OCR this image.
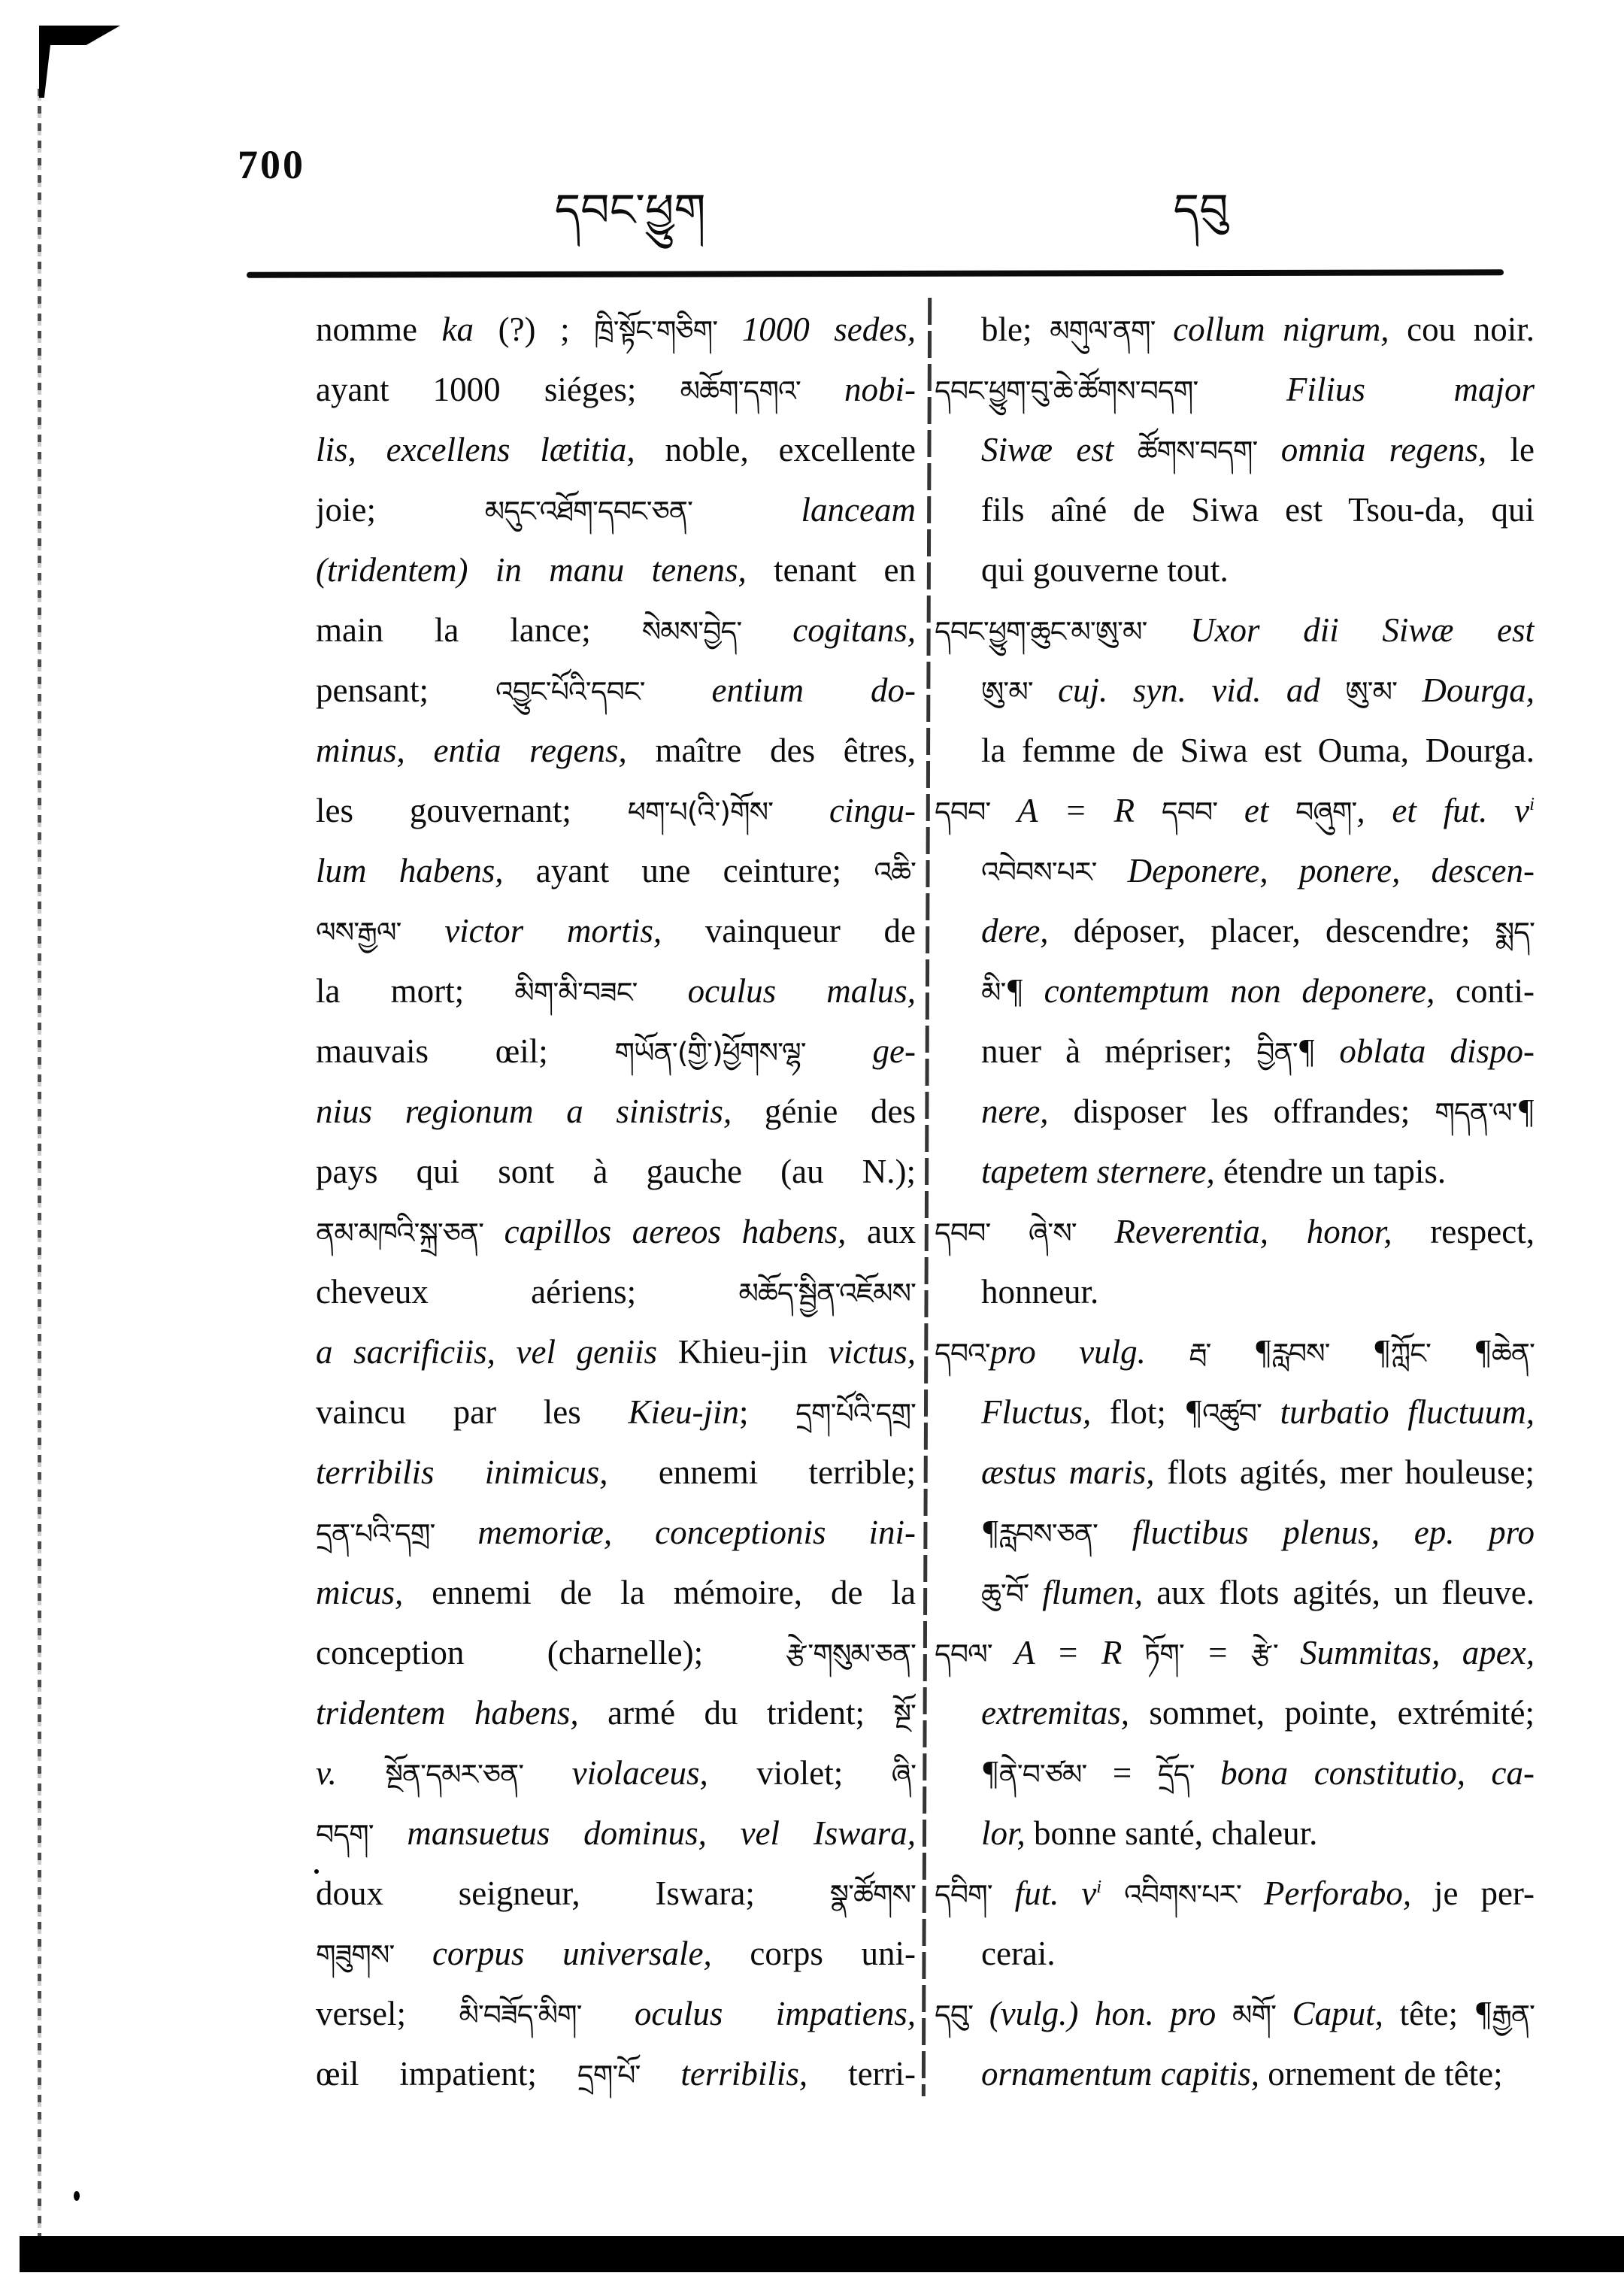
700
དབང་ཕྱུག	དབུ
nomme ka (?) ; ཁྲི་སྟོང་གཅིག་ 1000 sedes,
ayant 1000 siéges; མཆོག་དགའ་ nobi-
lis, excellens lætitia, noble, excellente
joie; མདུང་འཐོག་དབང་ཅན་ lanceam
(tridentem) in manu tenens, tenant en
main la lance; སེམས་བྱེད་ cogitans,
pensant; འབྱུང་པོའི་དབང་ entium do-
minus, entia regens, maître des êtres,
les gouvernant; ཕག་པ(འི་)གོས་ cingu-
lum habens, ayant une ceinture; འཆི་
ལས་རྒྱལ་ victor mortis, vainqueur de
la mort; མིག་མི་བཟང་ oculus malus,
mauvais œil; གཡོན་(གྱི་)ཕྱོགས་ལྷ་ ge-
nius regionum a sinistris, génie des
pays qui sont à gauche (au N.);
ནམ་མཁའི་སྐྲ་ཅན་ capillos aereos habens, aux
cheveux aériens; མཆོད་སྦྱིན་འཇོམས་
a sacrificiis, vel geniis Khieu-jin victus,
vaincu par les Kieu-jin; དྲག་པོའི་དགྲ་
terribilis inimicus, ennemi terrible;
དྲན་པའི་དགྲ་ memoriæ, conceptionis ini-
micus, ennemi de la mémoire, de la
conception (charnelle); རྩེ་གསུམ་ཅན་
tridentem habens, armé du trident; སྔོ་
v. སྔོན་དམར་ཅན་ violaceus, violet; ཞི་
བདག་ mansuetus dominus, vel Iswara,
doux seigneur, Iswara; སྣ་ཚོགས་
གཟུགས་ corpus universale, corps uni-
versel; མི་བཟོད་མིག་ oculus impatiens,
œil impatient; དྲག་པོ་ terribilis, terri-
ble; མགུལ་ནག་ collum nigrum, cou noir.
དབང་ཕྱུག་བུ་ཆེ་ཚོགས་བདག་ Filius major
Siwæ est ཚོགས་བདག་ omnia regens, le
fils aîné de Siwa est Tsou-da, qui
qui gouverne tout.
དབང་ཕྱུག་ཆུང་མ་ཨུ་མ་ Uxor dii Siwæ est
ཨུ་མ་ cuj. syn. vid. ad ཨུ་མ་ Dourga,
la femme de Siwa est Ouma, Dourga.
དབབ་ A = R དབབ་ et བཞུག་, et fut. $v^i$
འབེབས་པར་ Deponere, ponere, descen-
dere, déposer, placer, descendre; སྨད་
མི་¶ contemptum non deponere, conti-
nuer à mépriser; བྱིན་¶ oblata dispo-
nere, disposer les offrandes; གདན་ལ་¶
tapetem sternere, étendre un tapis.
དབབ་ ཞེ་ས་ Reverentia, honor, respect,
honneur.
དབའ་pro vulg. རྦ་ ¶རླབས་ ¶ཀློང་ ¶ཆེན་
Fluctus, flot; ¶འཚུབ་ turbatio fluctuum,
æstus maris, flots agités, mer houleuse;
¶རླབས་ཅན་ fluctibus plenus, ep. pro
ཆུ་བོ་ flumen, aux flots agités, un fleuve.
དབལ་ A = R ཏོག་ = རྩེ་ Summitas, apex,
extremitas, sommet, pointe, extrémité;
¶ནེ་བ་ཙམ་ = དྲོད་ bona constitutio, ca-
lor, bonne santé, chaleur.
དབིག་ fut. $v^i$ འབིགས་པར་ Perforabo, je per-
cerai.
དབུ་ (vulg.) hon. pro མགོ་ Caput, tête; ¶རྒྱན་
ornamentum capitis, ornement de tête;
